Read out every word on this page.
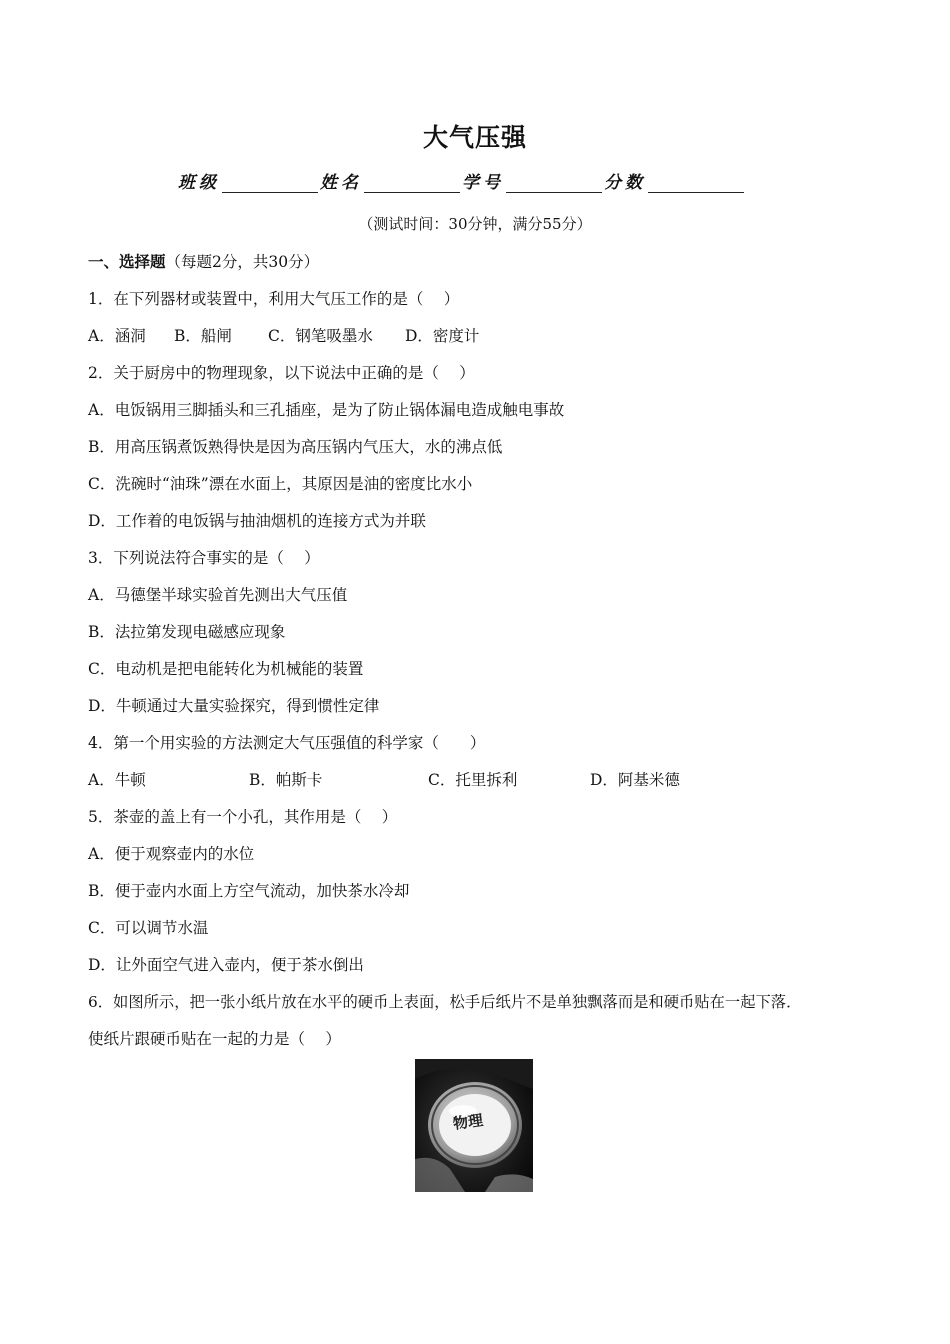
大气压强
班级	姓名	学号	分数
（测试时间：30分钟，满分55分）
一、选择题（每题2分，共30分）
1．在下列器材或装置中，利用大气压工作的是（　 ）
A．涵洞 B．船闸 C．钢笔吸墨水 D．密度计
2．关于厨房中的物理现象，以下说法中正确的是（　 ）
A．电饭锅用三脚插头和三孔插座，是为了防止锅体漏电造成触电事故
B．用高压锅煮饭熟得快是因为高压锅内气压大，水的沸点低
C．洗碗时“油珠”漂在水面上，其原因是油的密度比水小
D．工作着的电饭锅与抽油烟机的连接方式为并联
3．下列说法符合事实的是（　 ）
A．马德堡半球实验首先测出大气压值
B．法拉第发现电磁感应现象
C．电动机是把电能转化为机械能的装置
D．牛顿通过大量实验探究，得到惯性定律
4．第一个用实验的方法测定大气压强值的科学家（　　）
A．牛顿	B．帕斯卡	C．托里拆利	D．阿基米德
5．茶壶的盖上有一个小孔，其作用是（　 ）
A．便于观察壶内的水位
B．便于壶内水面上方空气流动，加快茶水冷却
C．可以调节水温
D．让外面空气进入壶内，便于茶水倒出
6．如图所示，把一张小纸片放在水平的硬币上表面，松手后纸片不是单独飘落而是和硬币贴在一起下落．
使纸片跟硬币贴在一起的力是（　 ）
物理
